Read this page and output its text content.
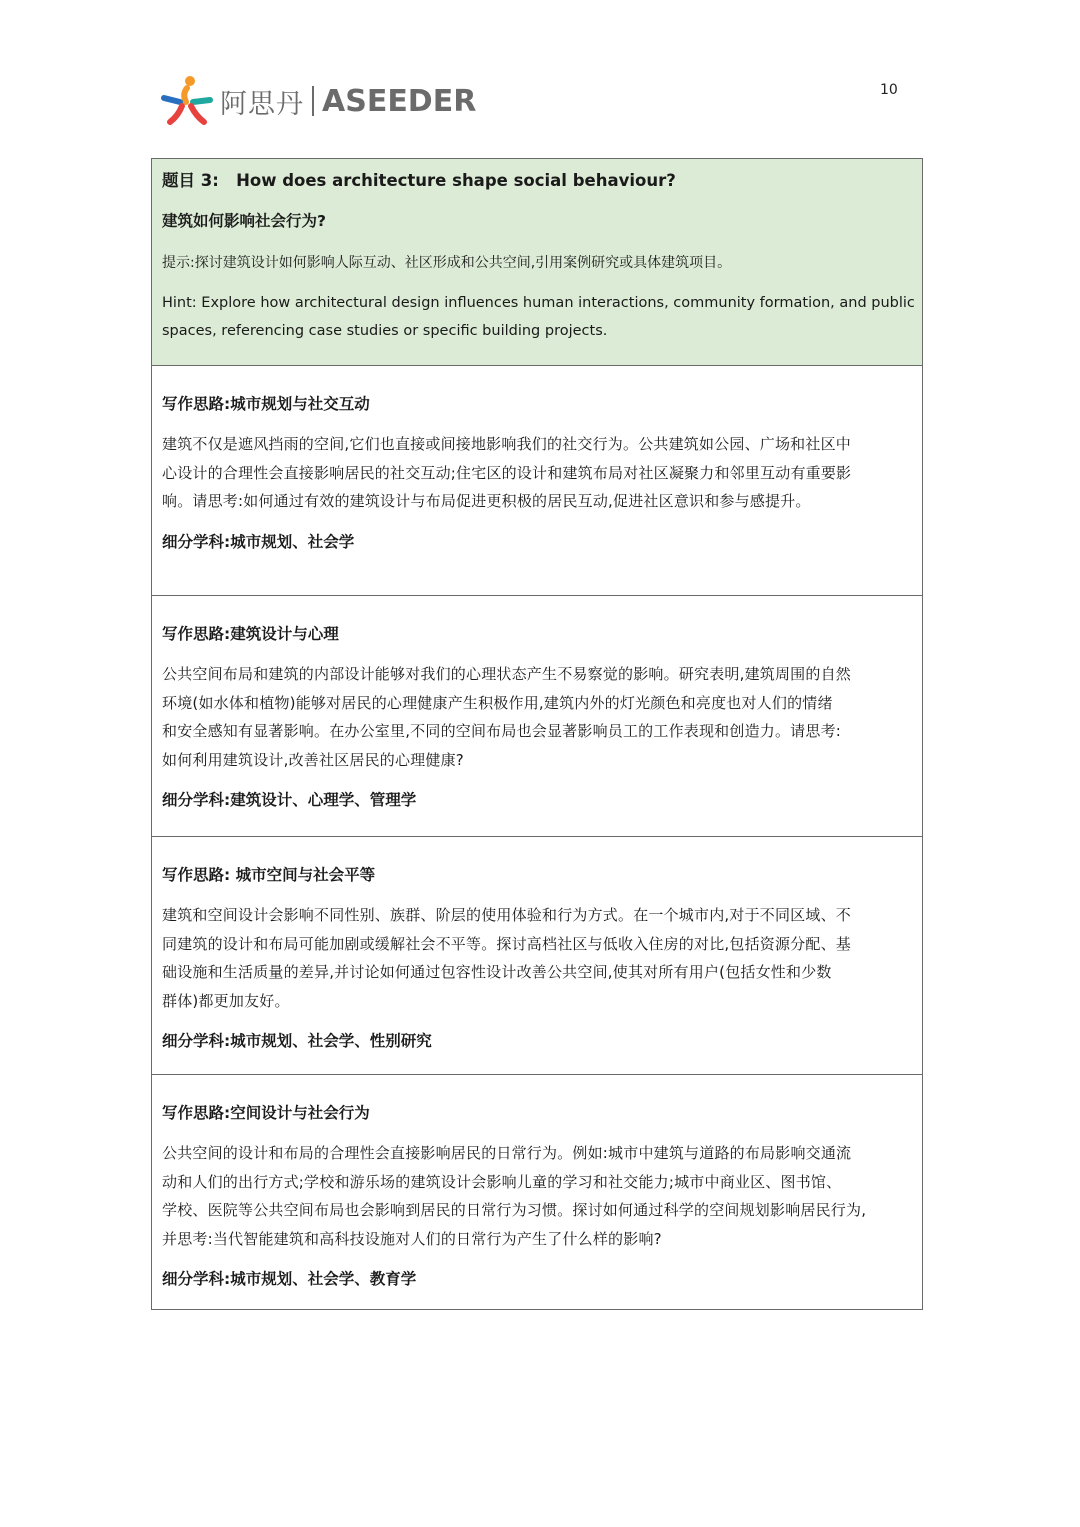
阿思丹 ASEEDER	10

题目 3: How does architecture shape social behaviour?

建筑如何影响社会行为?

提示:探讨建筑设计如何影响人际互动、社区形成和公共空间,引用案例研究或具体建筑项目。

Hint: Explore how architectural design influences human interactions, community formation, and public
spaces, referencing case studies or specific building projects.

写作思路:城市规划与社交互动

建筑不仅是遮风挡雨的空间,它们也直接或间接地影响我们的社交行为。公共建筑如公园、广场和社区中
心设计的合理性会直接影响居民的社交互动;住宅区的设计和建筑布局对社区凝聚力和邻里互动有重要影
响。请思考:如何通过有效的建筑设计与布局促进更积极的居民互动,促进社区意识和参与感提升。

细分学科:城市规划、社会学

写作思路:建筑设计与心理

公共空间布局和建筑的内部设计能够对我们的心理状态产生不易察觉的影响。研究表明,建筑周围的自然
环境(如水体和植物)能够对居民的心理健康产生积极作用,建筑内外的灯光颜色和亮度也对人们的情绪
和安全感知有显著影响。在办公室里,不同的空间布局也会显著影响员工的工作表现和创造力。请思考:
如何利用建筑设计,改善社区居民的心理健康?

细分学科:建筑设计、心理学、管理学

写作思路: 城市空间与社会平等

建筑和空间设计会影响不同性别、族群、阶层的使用体验和行为方式。在一个城市内,对于不同区域、不
同建筑的设计和布局可能加剧或缓解社会不平等。探讨高档社区与低收入住房的对比,包括资源分配、基
础设施和生活质量的差异,并讨论如何通过包容性设计改善公共空间,使其对所有用户(包括女性和少数
群体)都更加友好。

细分学科:城市规划、社会学、性别研究

写作思路:空间设计与社会行为

公共空间的设计和布局的合理性会直接影响居民的日常行为。例如:城市中建筑与道路的布局影响交通流
动和人们的出行方式;学校和游乐场的建筑设计会影响儿童的学习和社交能力;城市中商业区、图书馆、
学校、医院等公共空间布局也会影响到居民的日常行为习惯。探讨如何通过科学的空间规划影响居民行为,
并思考:当代智能建筑和高科技设施对人们的日常行为产生了什么样的影响?

细分学科:城市规划、社会学、教育学
